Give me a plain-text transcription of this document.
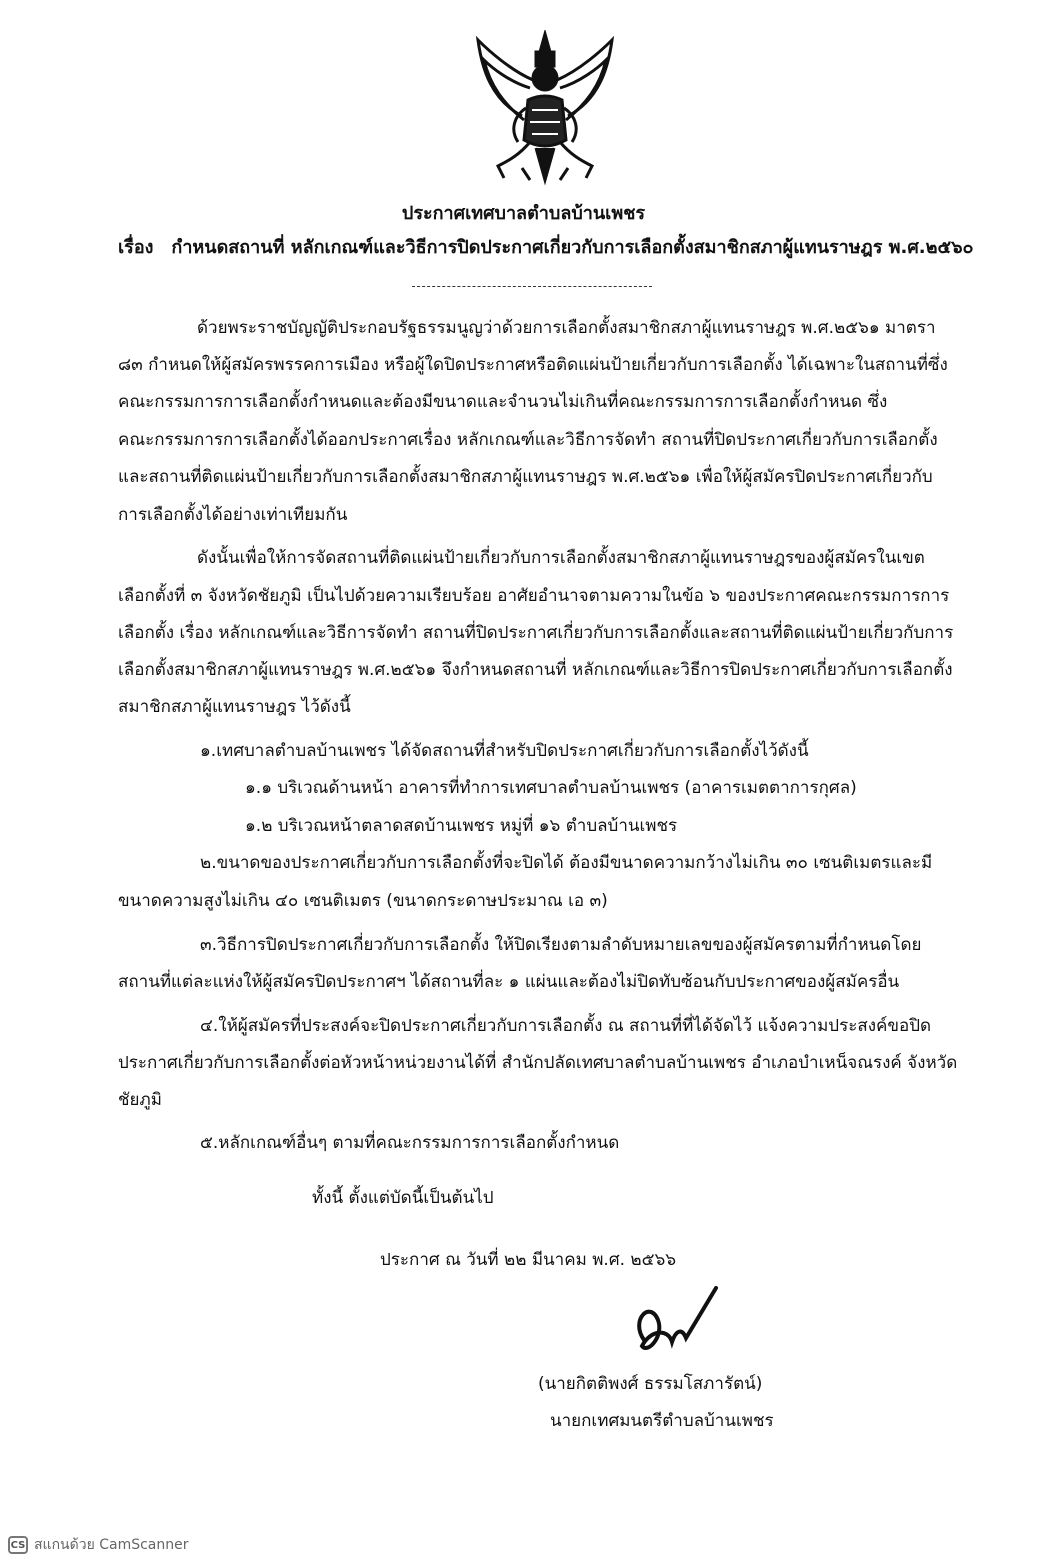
ประกาศเทศบาลตำบลบ้านเพชร
เรื่อง กำหนดสถานที่ หลักเกณฑ์และวิธีการปิดประกาศเกี่ยวกับการเลือกตั้งสมาชิกสภาผู้แทนราษฎร พ.ศ.๒๕๖๐
ด้วยพระราชบัญญัติประกอบรัฐธรรมนูญว่าด้วยการเลือกตั้งสมาชิกสภาผู้แทนราษฎร พ.ศ.๒๕๖๑ มาตรา
๘๓ กำหนดให้ผู้สมัครพรรคการเมือง หรือผู้ใดปิดประกาศหรือติดแผ่นป้ายเกี่ยวกับการเลือกตั้ง ได้เฉพาะในสถานที่ซึ่ง
คณะกรรมการการเลือกตั้งกำหนดและต้องมีขนาดและจำนวนไม่เกินที่คณะกรรมการการเลือกตั้งกำหนด ซึ่ง
คณะกรรมการการเลือกตั้งได้ออกประกาศเรื่อง หลักเกณฑ์และวิธีการจัดทำ สถานที่ปิดประกาศเกี่ยวกับการเลือกตั้ง
และสถานที่ติดแผ่นป้ายเกี่ยวกับการเลือกตั้งสมาชิกสภาผู้แทนราษฎร พ.ศ.๒๕๖๑ เพื่อให้ผู้สมัครปิดประกาศเกี่ยวกับ
การเลือกตั้งได้อย่างเท่าเทียมกัน
ดังนั้นเพื่อให้การจัดสถานที่ติดแผ่นป้ายเกี่ยวกับการเลือกตั้งสมาชิกสภาผู้แทนราษฎรของผู้สมัครในเขต
เลือกตั้งที่ ๓ จังหวัดชัยภูมิ เป็นไปด้วยความเรียบร้อย อาศัยอำนาจตามความในข้อ ๖ ของประกาศคณะกรรมการการ
เลือกตั้ง เรื่อง หลักเกณฑ์และวิธีการจัดทำ สถานที่ปิดประกาศเกี่ยวกับการเลือกตั้งและสถานที่ติดแผ่นป้ายเกี่ยวกับการ
เลือกตั้งสมาชิกสภาผู้แทนราษฎร พ.ศ.๒๕๖๑ จึงกำหนดสถานที่ หลักเกณฑ์และวิธีการปิดประกาศเกี่ยวกับการเลือกตั้ง
สมาชิกสภาผู้แทนราษฎร ไว้ดังนี้
๑.เทศบาลตำบลบ้านเพชร ได้จัดสถานที่สำหรับปิดประกาศเกี่ยวกับการเลือกตั้งไว้ดังนี้
๑.๑ บริเวณด้านหน้า อาคารที่ทำการเทศบาลตำบลบ้านเพชร (อาคารเมตตาการกุศล)
๑.๒ บริเวณหน้าตลาดสดบ้านเพชร หมู่ที่ ๑๖ ตำบลบ้านเพชร
๒.ขนาดของประกาศเกี่ยวกับการเลือกตั้งที่จะปิดได้ ต้องมีขนาดความกว้างไม่เกิน ๓๐ เซนติเมตรและมี
ขนาดความสูงไม่เกิน ๔๐ เซนติเมตร (ขนาดกระดาษประมาณ เอ ๓)
๓.วิธีการปิดประกาศเกี่ยวกับการเลือกตั้ง ให้ปิดเรียงตามลำดับหมายเลขของผู้สมัครตามที่กำหนดโดย
สถานที่แต่ละแห่งให้ผู้สมัครปิดประกาศฯ ได้สถานที่ละ ๑ แผ่นและต้องไม่ปิดทับซ้อนกับประกาศของผู้สมัครอื่น
๔.ให้ผู้สมัครที่ประสงค์จะปิดประกาศเกี่ยวกับการเลือกตั้ง ณ สถานที่ที่ได้จัดไว้ แจ้งความประสงค์ขอปิด
ประกาศเกี่ยวกับการเลือกตั้งต่อหัวหน้าหน่วยงานได้ที่ สำนักปลัดเทศบาลตำบลบ้านเพชร อำเภอบำเหน็จณรงค์ จังหวัด
ชัยภูมิ
๕.หลักเกณฑ์อื่นๆ ตามที่คณะกรรมการการเลือกตั้งกำหนด
ทั้งนี้ ตั้งแต่บัดนี้เป็นต้นไป
ประกาศ ณ วันที่ ๒๒ มีนาคม พ.ศ. ๒๕๖๖
(นายกิตติพงศ์ ธรรมโสภารัตน์)
นายกเทศมนตรีตำบลบ้านเพชร
CS สแกนด้วย CamScanner
